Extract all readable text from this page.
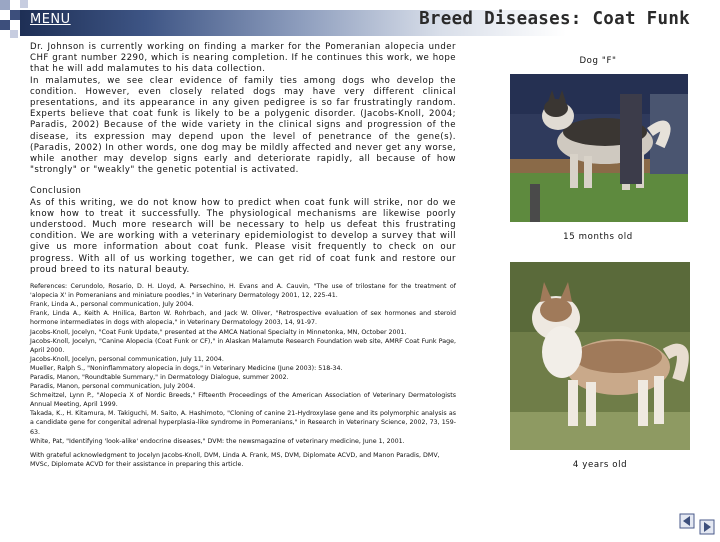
MENU	Breed Diseases: Coat Funk

Dr. Johnson is currently working on finding a marker for the Pomeranian alopecia under CHF grant number 2290, which is nearing completion. If he continues this work, we hope that he will add malamutes to his data collection.

In malamutes, we see clear evidence of family ties among dogs who develop the condition. However, even closely related dogs may have very different clinical presentations, and its appearance in any given pedigree is so far frustratingly random. Experts believe that coat funk is likely to be a polygenic disorder. (Jacobs-Knoll, 2004; Paradis, 2002) Because of the wide variety in the clinical signs and progression of the disease, its expression may depend upon the level of penetrance of the gene(s). (Paradis, 2002) In other words, one dog may be mildly affected and never get any worse, while another may develop signs early and deteriorate rapidly, all because of how "strongly" or "weakly" the genetic potential is activated.

Conclusion

As of this writing, we do not know how to predict when coat funk will strike, nor do we know how to treat it successfully. The physiological mechanisms are likewise poorly understood. Much more research will be necessary to help us defeat this frustrating condition. We are working with a veterinary epidemiologist to develop a survey that will give us more information about coat funk. Please visit frequently to check on our progress. With all of us working together, we can get rid of coat funk and restore our proud breed to its natural beauty.

References: Cerundolo, Rosario, D. H. Lloyd, A. Persechino, H. Evans and A. Cauvin, "The use of trilostane for the treatment of 'alopecia X' in Pomeranians and miniature poodles," in Veterinary Dermatology 2001, 12, 225-41.
Frank, Linda A., personal communication, July 2004.
Frank, Linda A., Keith A. Hnilica, Barton W. Rohrbach, and Jack W. Oliver, "Retrospective evaluation of sex hormones and steroid hormone intermediates in dogs with alopecia," in Veterinary Dermatology 2003, 14, 91-97.
Jacobs-Knoll, Jocelyn, "Coat Funk Update," presented at the AMCA National Specialty in Minnetonka, MN, October 2001.
Jacobs-Knoll, Jocelyn, "Canine Alopecia (Coat Funk or CF)," in Alaskan Malamute Research Foundation web site, AMRF Coat Funk Page, April 2000.
Jacobs-Knoll, Jocelyn, personal communication, July 11, 2004.
Mueller, Ralph S., "Noninflammatory alopecia in dogs," in Veterinary Medicine (June 2003): 518-34.
Paradis, Manon, "Roundtable Summary," in Dermatology Dialogue, summer 2002.
Paradis, Manon, personal communication, July 2004.
Schmeitzel, Lynn P., "Alopecia X of Nordic Breeds," Fifteenth Proceedings of the American Association of Veterinary Dermatologists Annual Meeting, April 1999.
Takada, K., H. Kitamura, M. Takiguchi, M. Saito, A. Hashimoto, "Cloning of canine 21-Hydroxylase gene and its polymorphic analysis as a candidate gene for congenital adrenal hyperplasia-like syndrome in Pomeranians," in Research in Veterinary Science, 2002, 73, 159-63.
White, Pat, "Identifying 'look-alike' endocrine diseases," DVM: the newsmagazine of veterinary medicine, June 1, 2001.
With grateful acknowledgment to Jocelyn Jacobs-Knoll, DVM, Linda A. Frank, MS, DVM, Diplomate ACVD, and Manon Paradis, DMV, MVSc, Diplomate ACVD for their assistance in preparing this article.
Dog "F"
15 months old
4 years old
